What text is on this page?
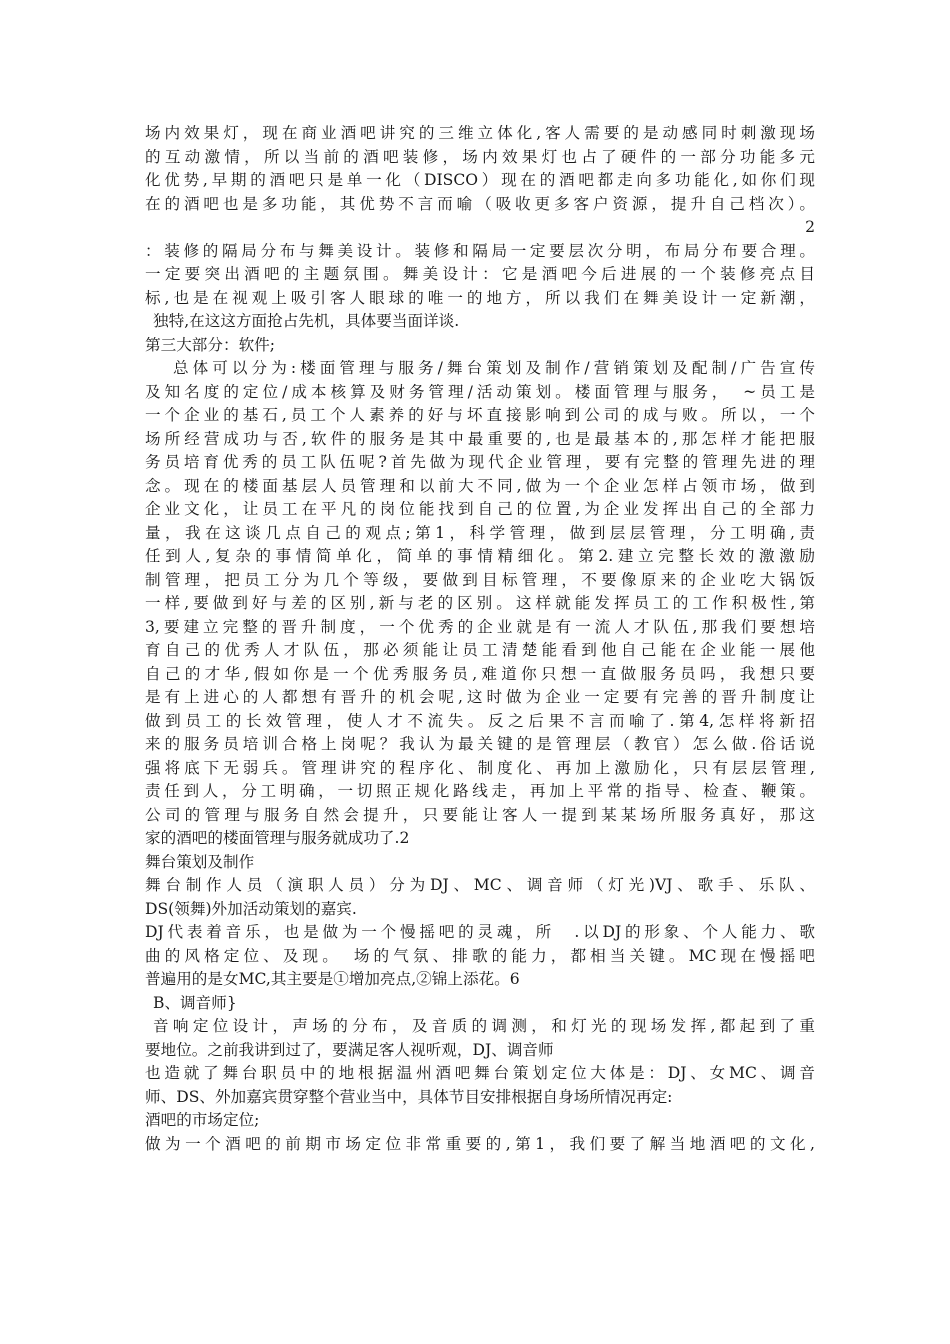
场内效果灯，现在商业酒吧讲究的三维立体化,客人需要的是动感同时刺激现场
的互动激情，所以当前的酒吧装修，场内效果灯也占了硬件的一部分功能多元
化优势,早期的酒吧只是单一化（DISCO）现在的酒吧都走向多功能化,如你们现
在的酒吧也是多功能，其优势不言而喻（吸收更多客户资源，提升自己档次）。
2
：装修的隔局分布与舞美设计。装修和隔局一定要层次分明，布局分布要合理。
一定要突出酒吧的主题氛围。舞美设计：它是酒吧今后进展的一个装修亮点目
标,也是在视观上吸引客人眼球的唯一的地方，所以我们在舞美设计一定新潮，
独特,在这这方面抢占先机，具体要当面详谈.
第三大部分：软件;
总体可以分为:楼面管理与服务/舞台策划及制作/营销策划及配制/广告宣传
及知名度的定位/成本核算及财务管理/活动策划。楼面管理与服务，　~员工是
一个企业的基石,员工个人素养的好与坏直接影响到公司的成与败。所以，一个
场所经营成功与否,软件的服务是其中最重要的,也是最基本的,那怎样才能把服
务员培育优秀的员工队伍呢?首先做为现代企业管理，要有完整的管理先进的理
念。现在的楼面基层人员管理和以前大不同,做为一个企业怎样占领市场，做到
企业文化，让员工在平凡的岗位能找到自己的位置,为企业发挥出自己的全部力
量，我在这谈几点自己的观点;第1，科学管理，做到层层管理，分工明确,责
任到人,复杂的事情简单化，简单的事情精细化。第2.建立完整长效的激激励
制管理，把员工分为几个等级，要做到目标管理，不要像原来的企业吃大锅饭
一样,要做到好与差的区别,新与老的区别。这样就能发挥员工的工作积极性,第
3,要建立完整的晋升制度，一个优秀的企业就是有一流人才队伍,那我们要想培
育自己的优秀人才队伍，那必须能让员工清楚能看到他自己能在企业能一展他
自己的才华,假如你是一个优秀服务员,难道你只想一直做服务员吗，我想只要
是有上进心的人都想有晋升的机会呢,这时做为企业一定要有完善的晋升制度让
做到员工的长效管理，使人才不流失。反之后果不言而喻了.第4,怎样将新招
来的服务员培训合格上岗呢？我认为最关键的是管理层（教官）怎么做.俗话说
强将底下无弱兵。管理讲究的程序化、制度化、再加上激励化，只有层层管理,
责任到人，分工明确，一切照正规化路线走，再加上平常的指导、检查、鞭策。
公司的管理与服务自然会提升，只要能让客人一提到某某场所服务真好，那这
家的酒吧的楼面管理与服务就成功了.2
舞台策划及制作
舞台制作人员（演职人员）分为DJ、MC、调音师（灯光)VJ、歌手、乐队、
DS(领舞)外加活动策划的嘉宾.
DJ代表着音乐，也是做为一个慢摇吧的灵魂，所　.以DJ的形象、个人能力、歌
曲的风格定位、及现。　场的气氛、排歌的能力，都相当关键。MC现在慢摇吧
普遍用的是女MC,其主要是①增加亮点,②锦上添花。6
B、调音师}
音响定位设计，声场的分布，及音质的调测，和灯光的现场发挥,都起到了重
要地位。之前我讲到过了，要满足客人视听观，DJ、调音师
也造就了舞台职员中的地根据温州酒吧舞台策划定位大体是：DJ、女MC、调音
师、DS、外加嘉宾贯穿整个营业当中，具体节目安排根据自身场所情况再定:
酒吧的市场定位;
做为一个酒吧的前期市场定位非常重要的,第1，我们要了解当地酒吧的文化,
